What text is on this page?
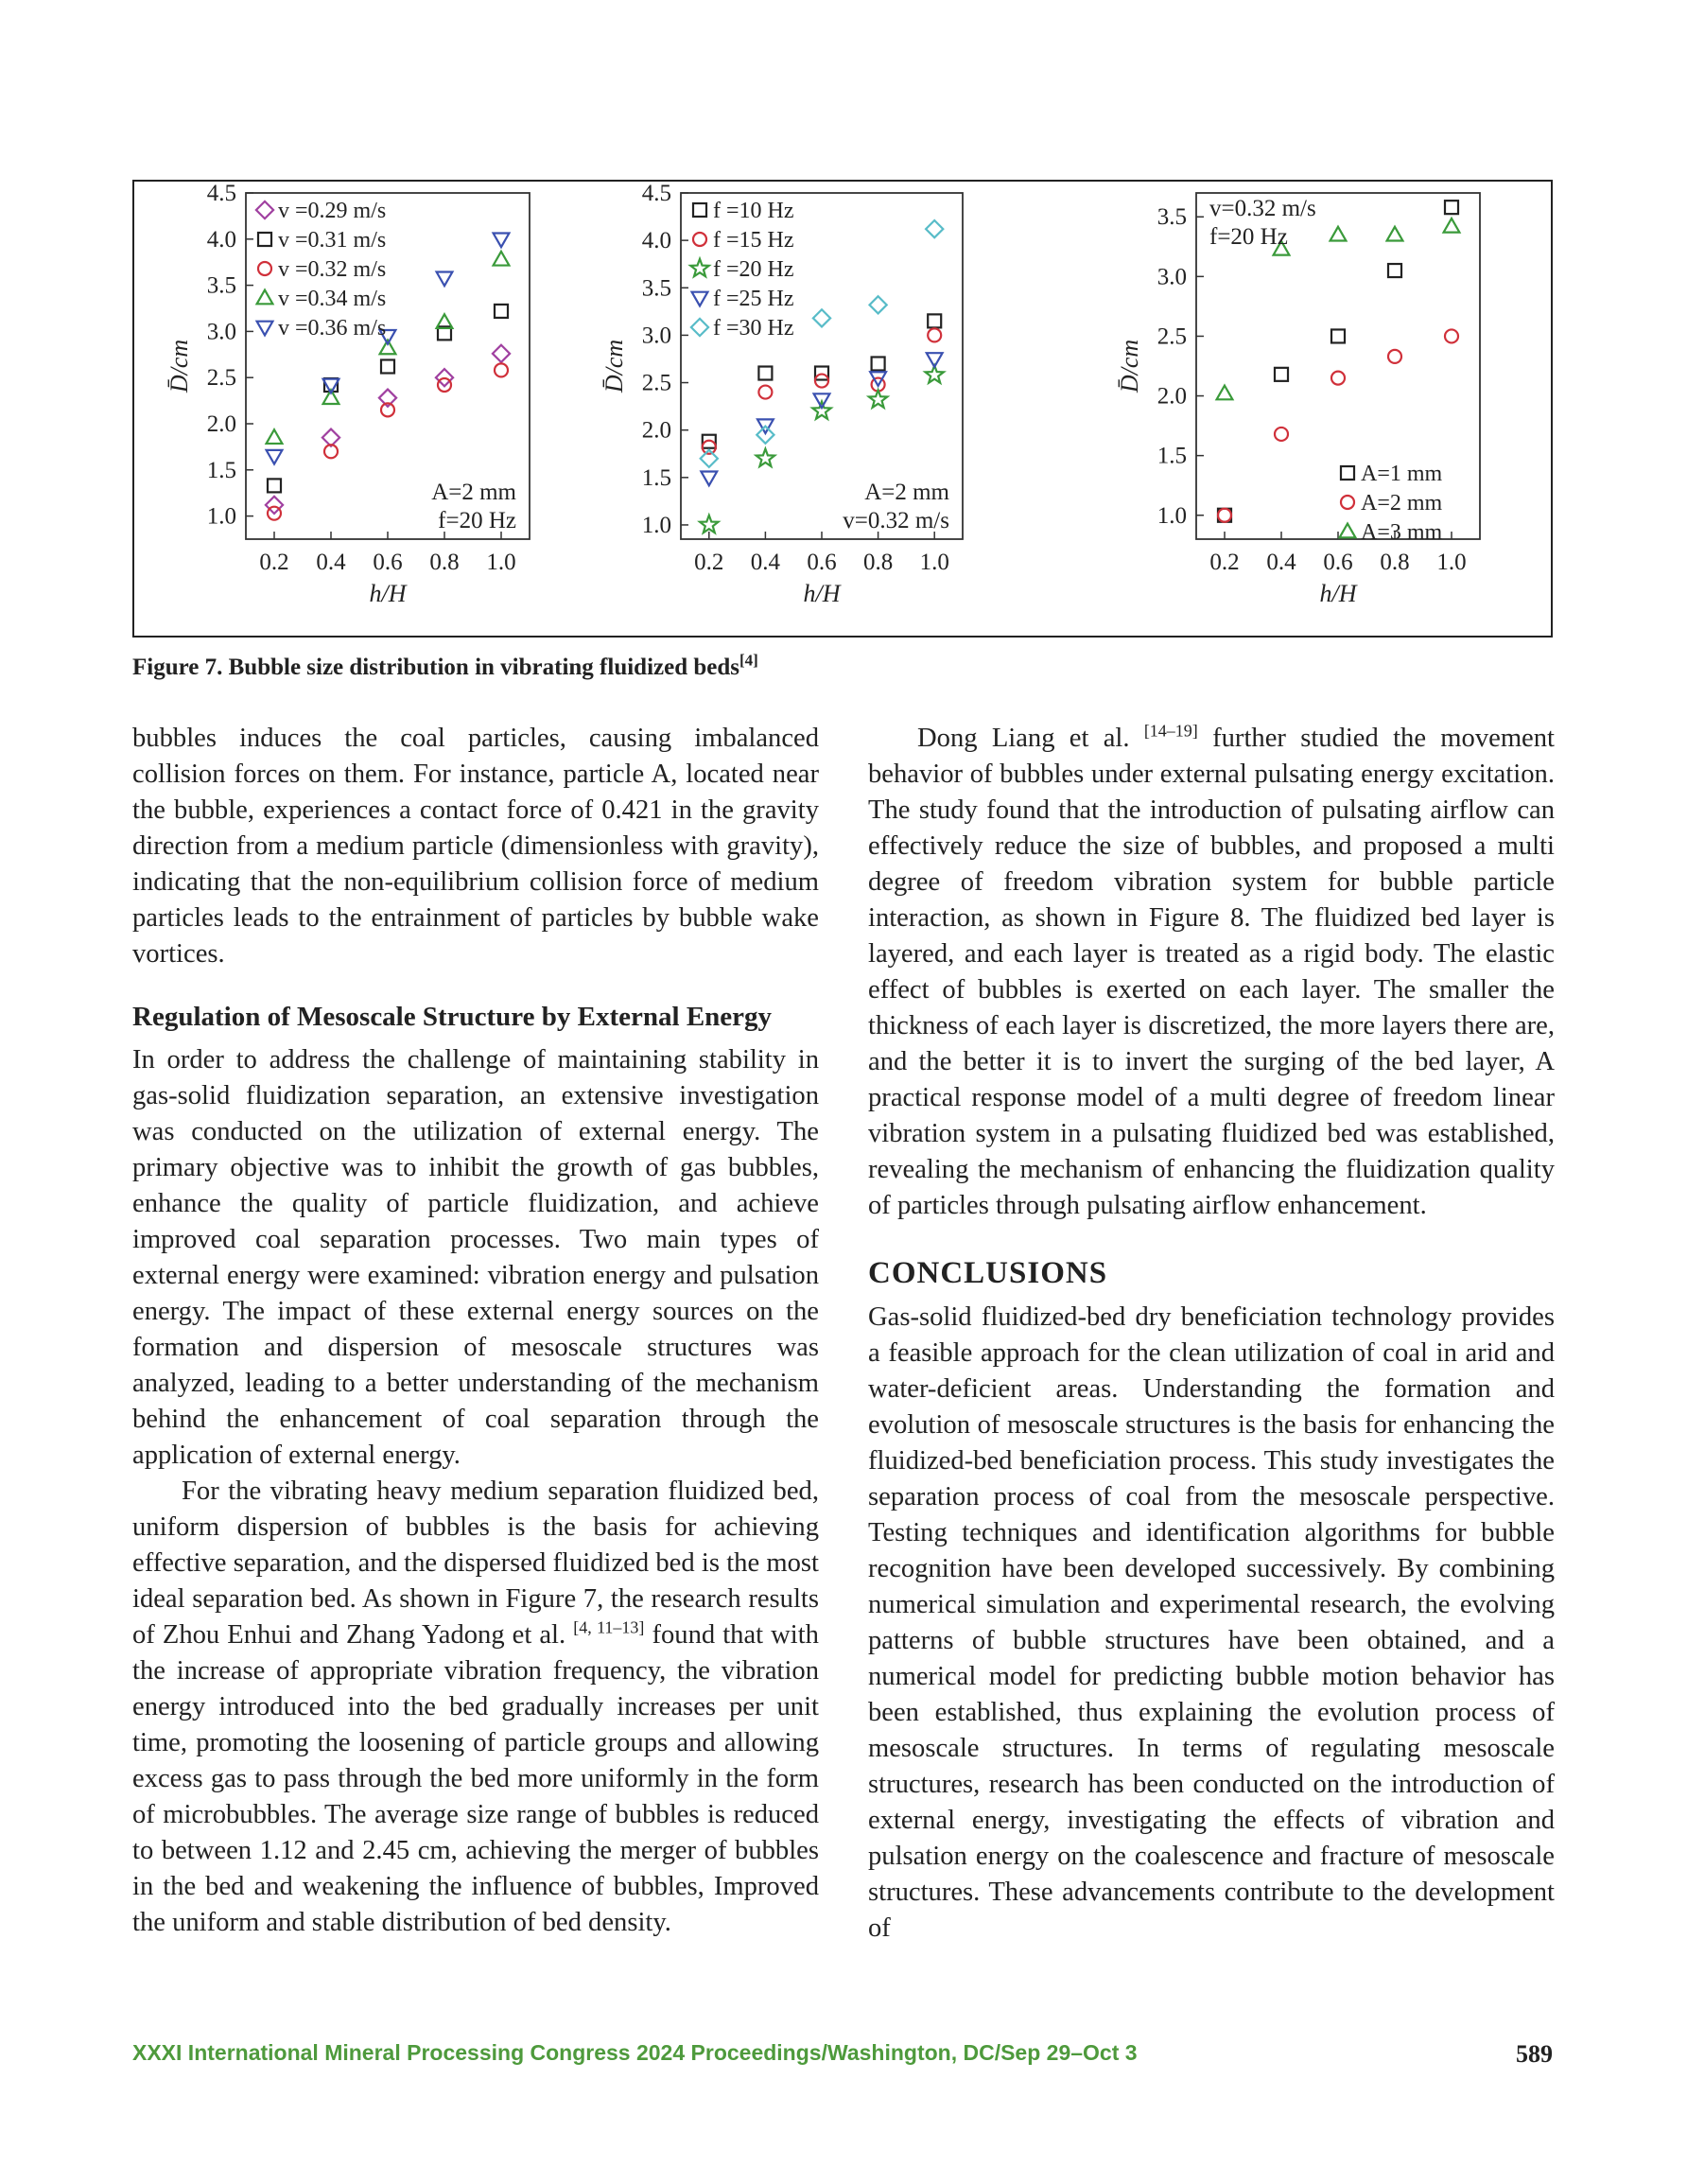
0.2 0.4 0.6 0.8 1.0
1.0
1.5
2.0
2.5
3.0
3.5
4.0
4.5
h/H
D̄/cm
v =0.29 m/s
v =0.31 m/s
v =0.32 m/s
v =0.34 m/s
v =0.36 m/s
A=2 mm
f=20 Hz
0.2 0.4 0.6 0.8 1.0
1.0
1.5
2.0
2.5
3.0
3.5
4.0
4.5
h/H
D̄/cm
f =10 Hz
f =15 Hz
f =20 Hz
f =25 Hz
f =30 Hz
A=2 mm
v=0.32 m/s
0.2 0.4 0.6 0.8 1.0
1.0
1.5
2.0
2.5
3.0
3.5
h/H
D̄/cm
A=1 mm
A=2 mm
A=3 mm
v=0.32 m/s
f=20 Hz
Figure 7. Bubble size distribution in vibrating fluidized beds[4]

bubbles induces the coal particles, causing imbalanced collision forces on them. For instance, particle A, located near the bubble, experiences a contact force of 0.421 in the gravity direction from a medium particle (dimensionless with gravity), indicating that the non-equilibrium collision force of medium particles leads to the entrainment of particles by bubble wake vortices.

Regulation of Mesoscale Structure by External Energy

In order to address the challenge of maintaining stability in gas-solid fluidization separation, an extensive investigation was conducted on the utilization of external energy. The primary objective was to inhibit the growth of gas bubbles, enhance the quality of particle fluidization, and achieve improved coal separation processes. Two main types of external energy were examined: vibration energy and pulsation energy. The impact of these external energy sources on the formation and dispersion of mesoscale structures was analyzed, leading to a better understanding of the mechanism behind the enhancement of coal separation through the application of external energy.

For the vibrating heavy medium separation fluidized bed, uniform dispersion of bubbles is the basis for achieving effective separation, and the dispersed fluidized bed is the most ideal separation bed. As shown in Figure 7, the research results of Zhou Enhui and Zhang Yadong et al. [4, 11–13] found that with the increase of appropriate vibration frequency, the vibration energy introduced into the bed gradually increases per unit time, promoting the loosening of particle groups and allowing excess gas to pass through the bed more uniformly in the form of microbubbles. The average size range of bubbles is reduced to between 1.12 and 2.45 cm, achieving the merger of bubbles in the bed and weakening the influence of bubbles, Improved the uniform and stable distribution of bed density.

Dong Liang et al. [14–19] further studied the movement behavior of bubbles under external pulsating energy excitation. The study found that the introduction of pulsating airflow can effectively reduce the size of bubbles, and proposed a multi degree of freedom vibration system for bubble particle interaction, as shown in Figure 8. The fluidized bed layer is layered, and each layer is treated as a rigid body. The elastic effect of bubbles is exerted on each layer. The smaller the thickness of each layer is discretized, the more layers there are, and the better it is to invert the surging of the bed layer, A practical response model of a multi degree of freedom linear vibration system in a pulsating fluidized bed was established, revealing the mechanism of enhancing the fluidization quality of particles through pulsating airflow enhancement.

CONCLUSIONS

Gas-solid fluidized-bed dry beneficiation technology provides a feasible approach for the clean utilization of coal in arid and water-deficient areas. Understanding the formation and evolution of mesoscale structures is the basis for enhancing the fluidized-bed beneficiation process. This study investigates the separation process of coal from the mesoscale perspective. Testing techniques and identification algorithms for bubble recognition have been developed successively. By combining numerical simulation and experimental research, the evolving patterns of bubble structures have been obtained, and a numerical model for predicting bubble motion behavior has been established, thus explaining the evolution process of mesoscale structures. In terms of regulating mesoscale structures, research has been conducted on the introduction of external energy, investigating the effects of vibration and pulsation energy on the coalescence and fracture of mesoscale structures. These advancements contribute to the development of

XXXI International Mineral Processing Congress 2024 Proceedings/Washington, DC/Sep 29–Oct 3	589
